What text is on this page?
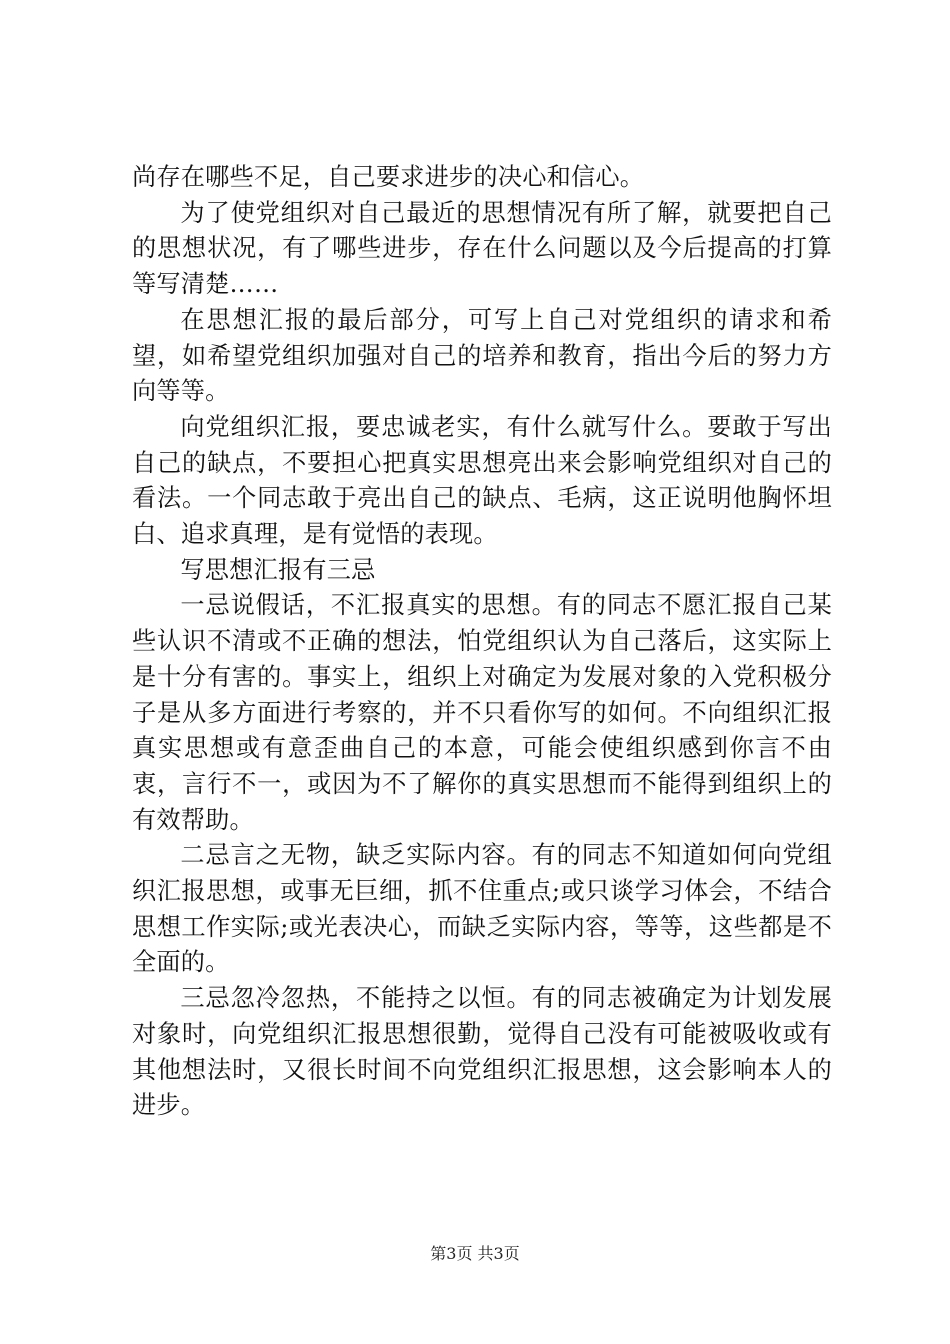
尚存在哪些不足，自己要求进步的决心和信心。

为了使党组织对自己最近的思想情况有所了解，就要把自己的思想状况，有了哪些进步，存在什么问题以及今后提高的打算等写清楚……

在思想汇报的最后部分，可写上自己对党组织的请求和希望，如希望党组织加强对自己的培养和教育，指出今后的努力方向等等。

向党组织汇报，要忠诚老实，有什么就写什么。要敢于写出自己的缺点，不要担心把真实思想亮出来会影响党组织对自己的看法。一个同志敢于亮出自己的缺点、毛病，这正说明他胸怀坦白、追求真理，是有觉悟的表现。

写思想汇报有三忌

一忌说假话，不汇报真实的思想。有的同志不愿汇报自己某些认识不清或不正确的想法，怕党组织认为自己落后，这实际上是十分有害的。事实上，组织上对确定为发展对象的入党积极分子是从多方面进行考察的，并不只看你写的如何。不向组织汇报真实思想或有意歪曲自己的本意，可能会使组织感到你言不由衷，言行不一，或因为不了解你的真实思想而不能得到组织上的有效帮助。

二忌言之无物，缺乏实际内容。有的同志不知道如何向党组织汇报思想，或事无巨细，抓不住重点;或只谈学习体会，不结合思想工作实际;或光表决心，而缺乏实际内容，等等，这些都是不全面的。

三忌忽冷忽热，不能持之以恒。有的同志被确定为计划发展对象时，向党组织汇报思想很勤，觉得自己没有可能被吸收或有其他想法时，又很长时间不向党组织汇报思想，这会影响本人的进步。

第3页 共3页
